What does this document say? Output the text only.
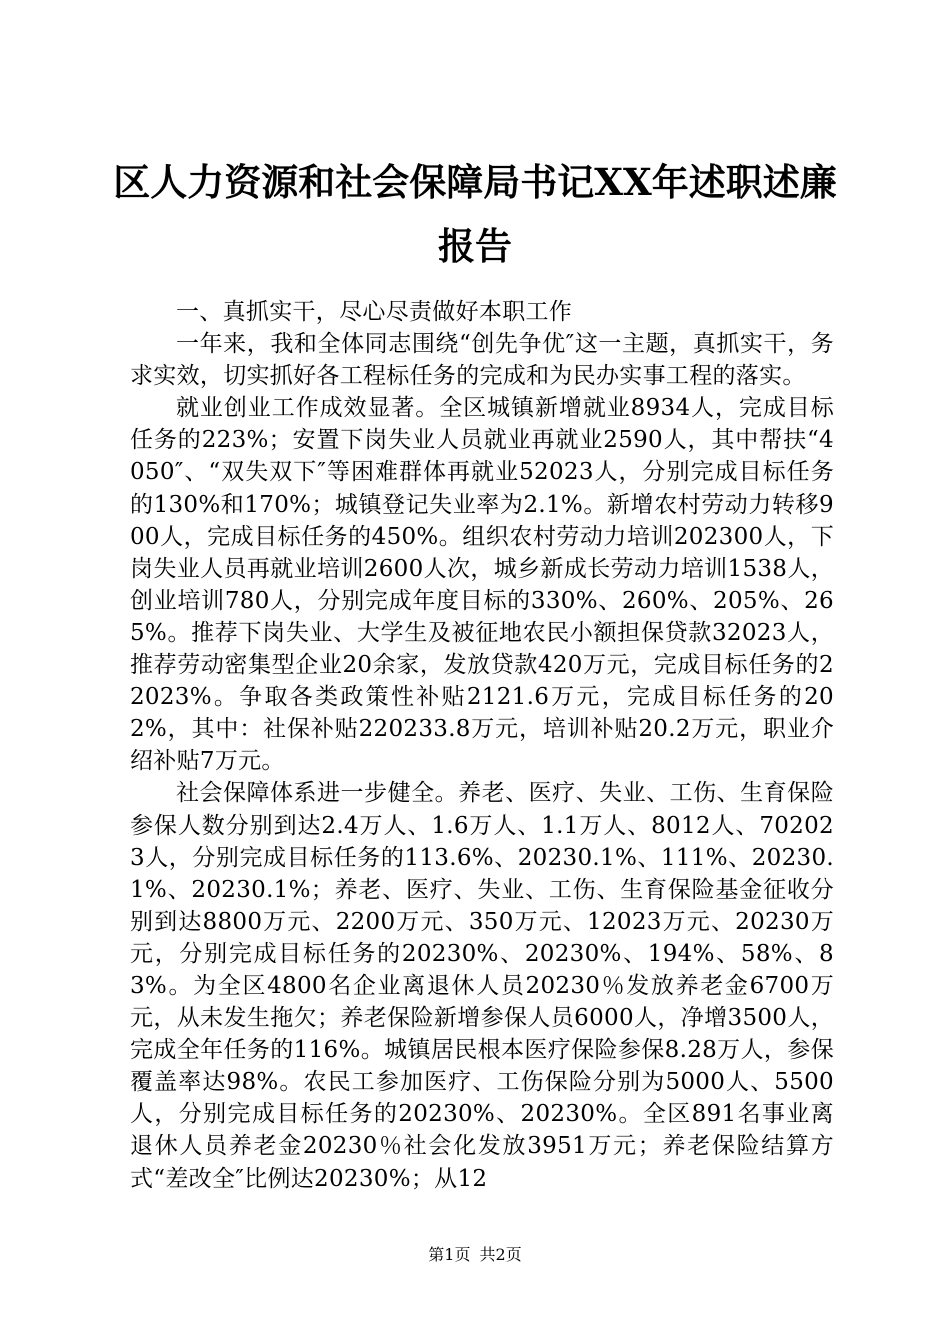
区人力资源和社会保障局书记XX年述职述廉报告

一、真抓实干，尽心尽责做好本职工作

一年来，我和全体同志围绕“创先争优″这一主题，真抓实干，务求实效，切实抓好各工程标任务的完成和为民办实事工程的落实。

就业创业工作成效显著。全区城镇新增就业8934人，完成目标任务的223%；安置下岗失业人员就业再就业2590人，其中帮扶“4050″、“双失双下″等困难群体再就业52023人，分别完成目标任务的130%和170%；城镇登记失业率为2.1%。新增农村劳动力转移900人，完成目标任务的450%。组织农村劳动力培训202300人，下岗失业人员再就业培训2600人次，城乡新成长劳动力培训1538人，创业培训780人，分别完成年度目标的330%、260%、205%、265%。推荐下岗失业、大学生及被征地农民小额担保贷款32023人，推荐劳动密集型企业20余家，发放贷款420万元，完成目标任务的22023%。争取各类政策性补贴2121.6万元，完成目标任务的202%，其中：社保补贴220233.8万元，培训补贴20.2万元，职业介绍补贴7万元。

社会保障体系进一步健全。养老、医疗、失业、工伤、生育保险参保人数分别到达2.4万人、1.6万人、1.1万人、8012人、702023人，分别完成目标任务的113.6%、20230.1%、111%、20230.1%、20230.1%；养老、医疗、失业、工伤、生育保险基金征收分别到达8800万元、2200万元、350万元、12023万元、20230万元，分别完成目标任务的20230%、20230%、194%、58%、83%。为全区4800名企业离退休人员20230％发放养老金6700万元，从未发生拖欠；养老保险新增参保人员6000人，净增3500人，完成全年任务的116%。城镇居民根本医疗保险参保8.28万人，参保覆盖率达98%。农民工参加医疗、工伤保险分别为5000人、5500人，分别完成目标任务的20230%、20230%。全区891名事业离退休人员养老金20230％社会化发放3951万元；养老保险结算方式“差改全″比例达20230%；从12

第1页 共2页
